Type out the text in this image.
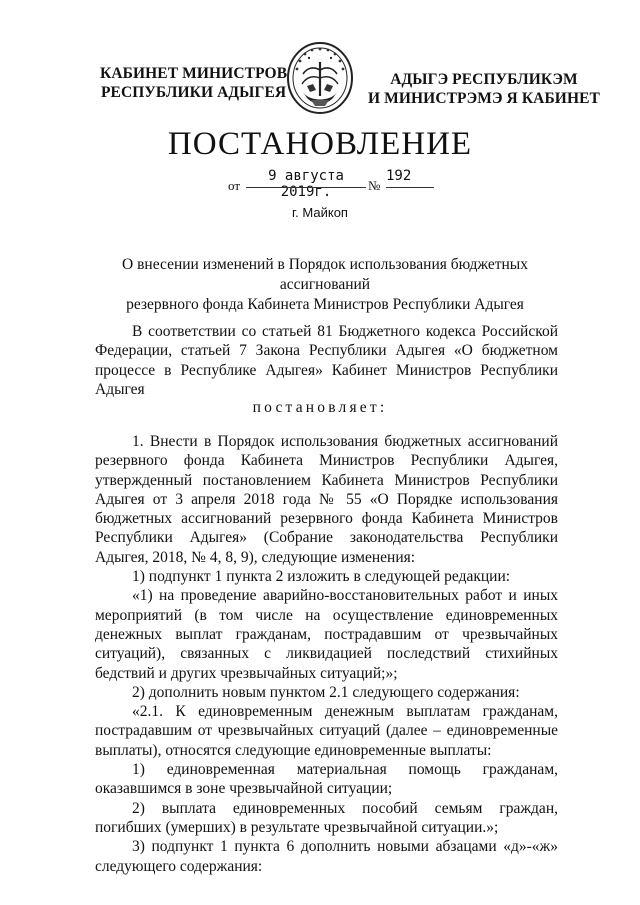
КАБИНЕТ МИНИСТРОВ
РЕСПУБЛИКИ АДЫГЕЯ
АДЫГЭ РЕСПУБЛИКЭМ
И МИНИСТРЭМЭ Я КАБИНЕТ
ПОСТАНОВЛЕНИЕ
от
9 августа 2019г.	№
192
г. Майкоп
О внесении изменений в Порядок использования бюджетных ассигнований
резервного фонда Кабинета Министров Республики Адыгея

В соответствии со статьей 81 Бюджетного кодекса Российской Федерации, статьей 7 Закона Республики Адыгея «О бюджетном процессе в Республике Адыгея» Кабинет Министров Республики Адыгея

постановляет:

1. Внести в Порядок использования бюджетных ассигнований резервного фонда Кабинета Министров Республики Адыгея, утвержденный постановлением Кабинета Министров Республики Адыгея от 3 апреля 2018 года № 55 «О Порядке использования бюджетных ассигнований резервного фонда Кабинета Министров Республики Адыгея» (Собрание законодательства Республики Адыгея, 2018, № 4, 8, 9), следующие изменения:

1) подпункт 1 пункта 2 изложить в следующей редакции:

«1) на проведение аварийно-восстановительных работ и иных мероприятий (в том числе на осуществление единовременных денежных выплат гражданам, пострадавшим от чрезвычайных ситуаций), связанных с ликвидацией последствий стихийных бедствий и других чрезвычайных ситуаций;»;

2) дополнить новым пунктом 2.1 следующего содержания:

«2.1. К единовременным денежным выплатам гражданам, пострадавшим от чрезвычайных ситуаций (далее – единовременные выплаты), относятся следующие единовременные выплаты:

1) единовременная материальная помощь гражданам, оказавшимся в зоне чрезвычайной ситуации;

2) выплата единовременных пособий семьям граждан, погибших (умерших) в результате чрезвычайной ситуации.»;

3) подпункт 1 пункта 6 дополнить новыми абзацами «д»-«ж» следующего содержания:
